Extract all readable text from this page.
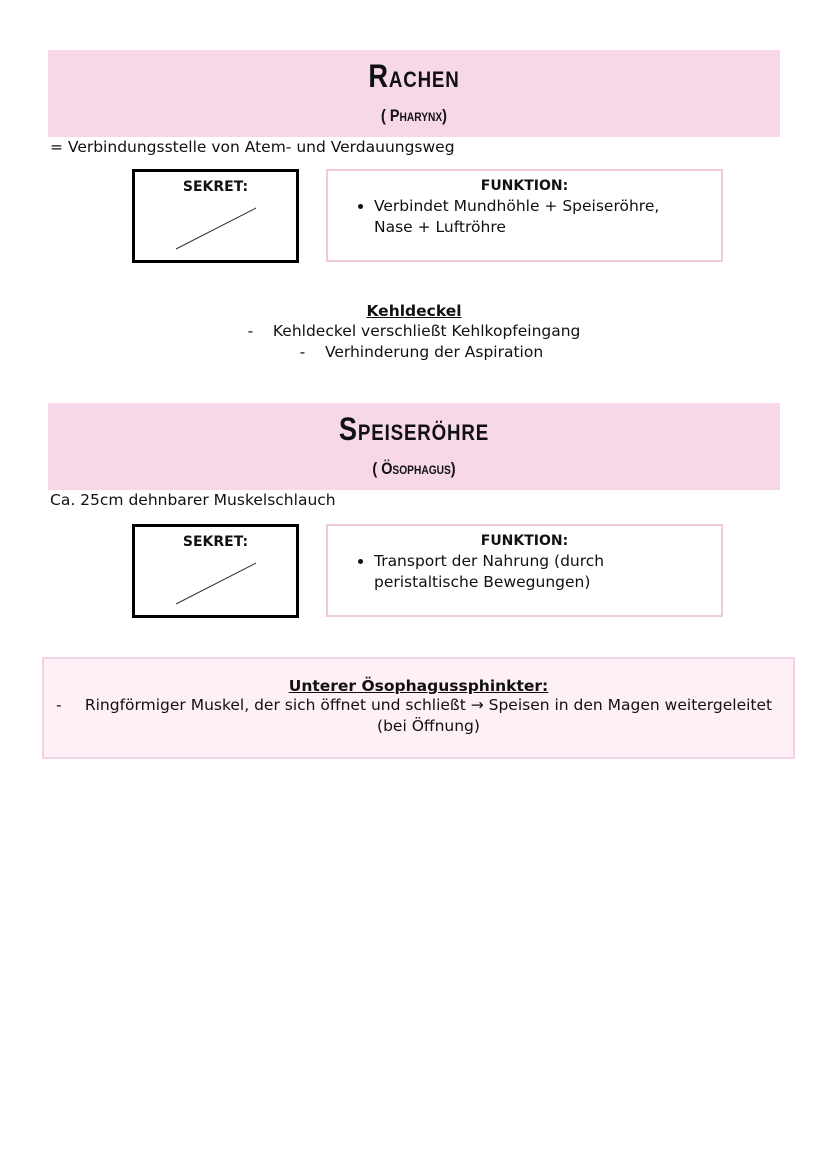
Rachen
( Pharynx)
= Verbindungsstelle von Atem- und Verdauungsweg
SEKRET:	FUNKTION:
• Verbindet Mundhöhle + Speiseröhre, Nase + Luftröhre
Kehldeckel
-    Kehldeckel verschließt Kehlkopfeingang
-    Verhinderung der Aspiration
Speiseröhre
( Ösophagus)
Ca. 25cm dehnbarer Muskelschlauch
SEKRET:	FUNKTION:
• Transport der Nahrung (durch peristaltische Bewegungen)
Unterer Ösophagussphinkter:
- Ringförmiger Muskel, der sich öffnet und schließt → Speisen in den Magen weitergeleitet (bei Öffnung)
